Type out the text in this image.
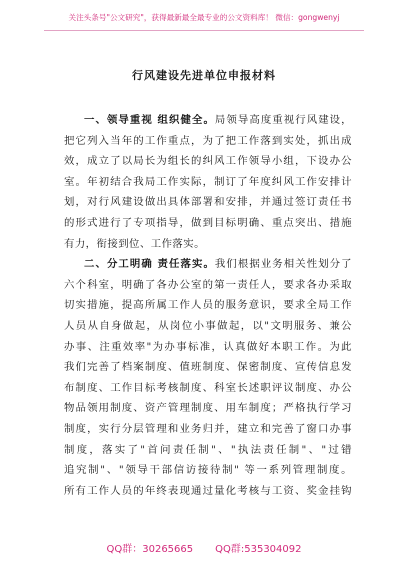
关注头条号"公文研究"，获得最新最全最专业的公文资料库！ 微信：gongwenyj
行风建设先进单位申报材料
一、领导重视 组织健全。局领导高度重视行风建设，
把它列入当年的工作重点，为了把工作落到实处，抓出成
效，成立了以局长为组长的纠风工作领导小组，下设办公
室。年初结合我局工作实际，制订了年度纠风工作安排计
划，对行风建设做出具体部署和安排，并通过签订责任书
的形式进行了专项指导，做到目标明确、重点突出、措施
有力，衔接到位、工作落实。
二、分工明确 责任落实。我们根据业务相关性划分了
六个科室，明确了各办公室的第一责任人，要求各办采取
切实措施，提高所属工作人员的服务意识，要求全局工作
人员从自身做起，从岗位小事做起，以"文明服务、兼公
办事、注重效率"为办事标准，认真做好本职工作。为此
我们完善了档案制度、值班制度、保密制度、宣传信息发
布制度、工作目标考核制度、科室长述职评议制度、办公
物品领用制度、资产管理制度、用车制度；严格执行学习
制度，实行分层管理和业务归并，建立和完善了窗口办事
制度，落实了"首问责任制"、"执法责任制"、"过错
追究制"、"领导干部信访接待制" 等一系列管理制度。
所有工作人员的年终表现通过量化考核与工资、奖金挂钩
QQ群：30265665 QQ群:535304092
